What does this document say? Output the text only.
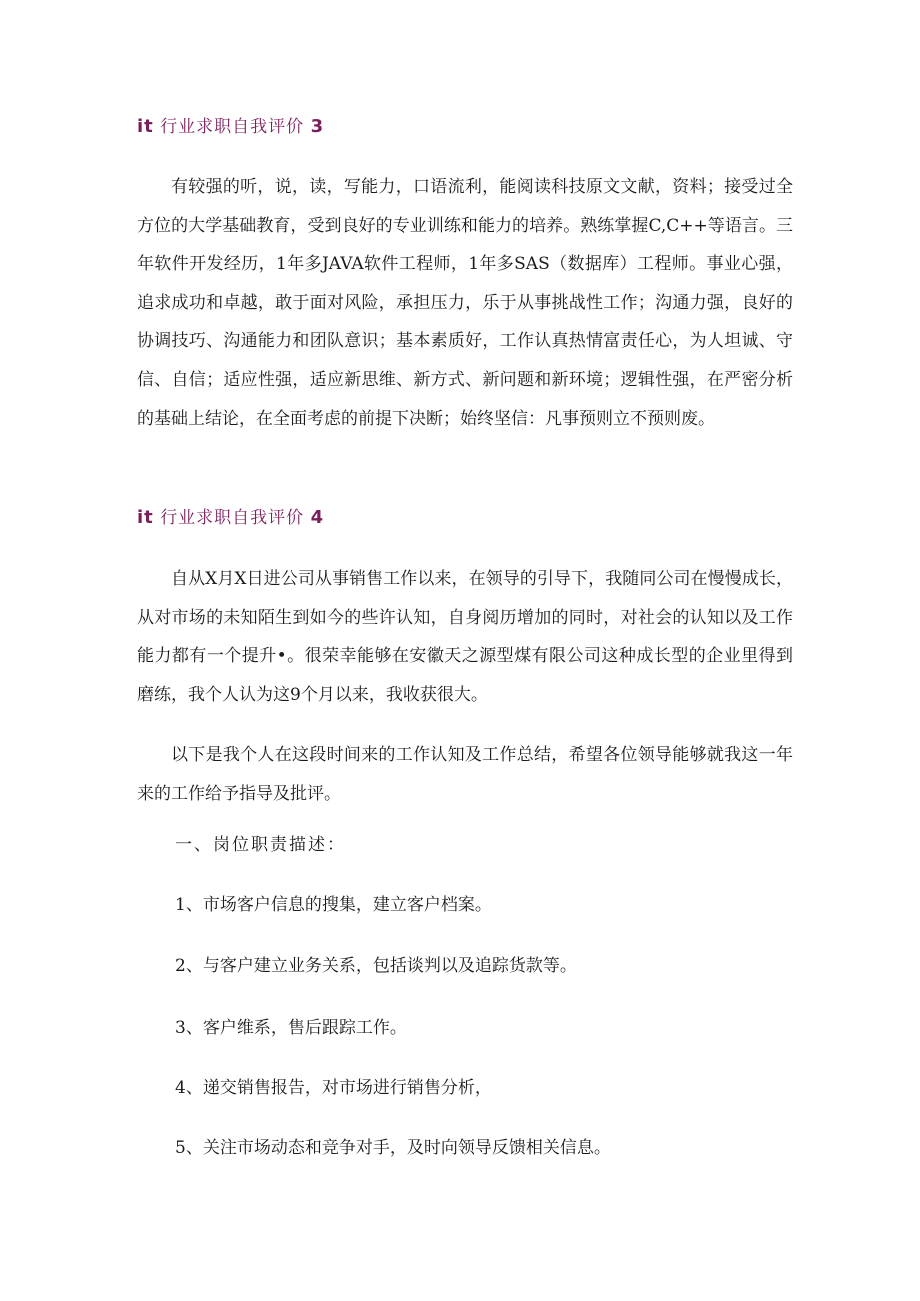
it 行业求职自我评价 3

有较强的听，说，读，写能力，口语流利，能阅读科技原文文献，资料；接受过全方位的大学基础教育，受到良好的专业训练和能力的培养。熟练掌握C,C++等语言。三年软件开发经历，1年多JAVA软件工程师，1年多SAS（数据库）工程师。事业心强，追求成功和卓越，敢于面对风险，承担压力，乐于从事挑战性工作；沟通力强，良好的协调技巧、沟通能力和团队意识；基本素质好，工作认真热情富责任心，为人坦诚、守信、自信；适应性强，适应新思维、新方式、新问题和新环境；逻辑性强，在严密分析的基础上结论，在全面考虑的前提下决断；始终坚信：凡事预则立不预则废。

it 行业求职自我评价 4

自从X月X日进公司从事销售工作以来，在领导的引导下，我随同公司在慢慢成长，从对市场的未知陌生到如今的些许认知，自身阅历增加的同时，对社会的认知以及工作能力都有一个提升•。很荣幸能够在安徽天之源型煤有限公司这种成长型的企业里得到磨练，我个人认为这9个月以来，我收获很大。

以下是我个人在这段时间来的工作认知及工作总结，希望各位领导能够就我这一年来的工作给予指导及批评。

一、岗位职责描述：

1、市场客户信息的搜集，建立客户档案。

2、与客户建立业务关系，包括谈判以及追踪货款等。

3、客户维系，售后跟踪工作。

4、递交销售报告，对市场进行销售分析，

5、关注市场动态和竞争对手，及时向领导反馈相关信息。
